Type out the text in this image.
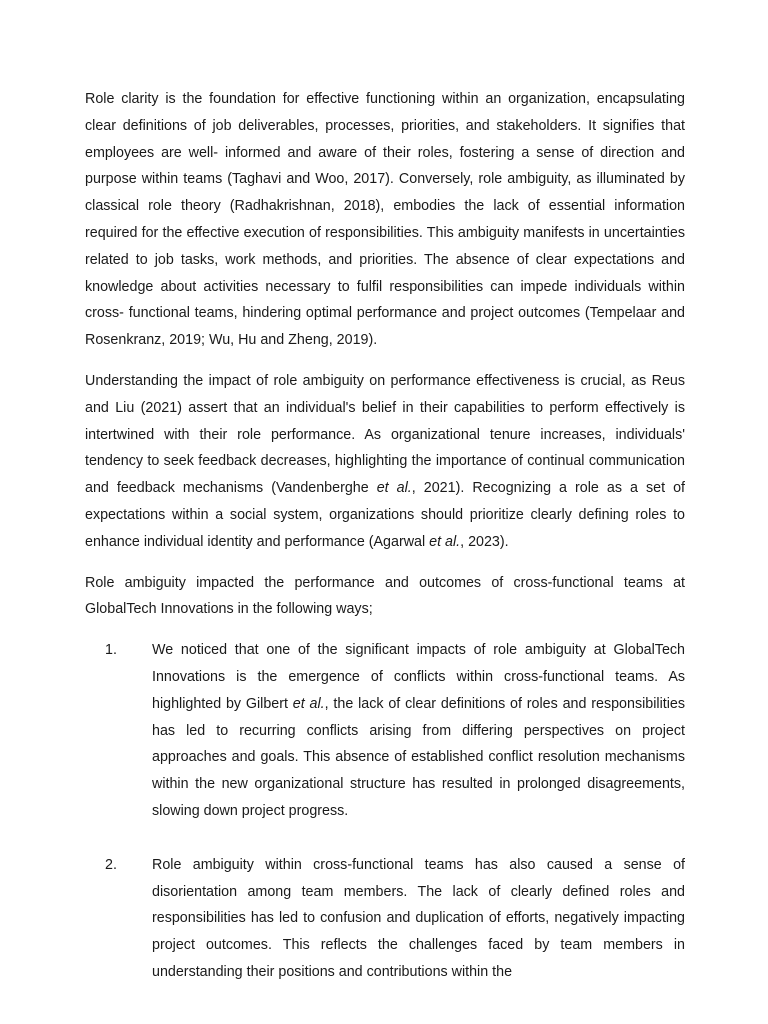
Role clarity is the foundation for effective functioning within an organization, encapsulating clear definitions of job deliverables, processes, priorities, and stakeholders. It signifies that employees are well- informed and aware of their roles, fostering a sense of direction and purpose within teams (Taghavi and Woo, 2017). Conversely, role ambiguity, as illuminated by classical role theory (Radhakrishnan, 2018), embodies the lack of essential information required for the effective execution of responsibilities. This ambiguity manifests in uncertainties related to job tasks, work methods, and priorities. The absence of clear expectations and knowledge about activities necessary to fulfil responsibilities can impede individuals within cross- functional teams, hindering optimal performance and project outcomes (Tempelaar and Rosenkranz, 2019; Wu, Hu and Zheng, 2019).

Understanding the impact of role ambiguity on performance effectiveness is crucial, as Reus and Liu (2021) assert that an individual's belief in their capabilities to perform effectively is intertwined with their role performance. As organizational tenure increases, individuals' tendency to seek feedback decreases, highlighting the importance of continual communication and feedback mechanisms (Vandenberghe et al., 2021). Recognizing a role as a set of expectations within a social system, organizations should prioritize clearly defining roles to enhance individual identity and performance (Agarwal et al., 2023).

Role ambiguity impacted the performance and outcomes of cross-functional teams at GlobalTech Innovations in the following ways;

1. We noticed that one of the significant impacts of role ambiguity at GlobalTech Innovations is the emergence of conflicts within cross-functional teams. As highlighted by Gilbert et al., the lack of clear definitions of roles and responsibilities has led to recurring conflicts arising from differing perspectives on project approaches and goals. This absence of established conflict resolution mechanisms within the new organizational structure has resulted in prolonged disagreements, slowing down project progress.
2. Role ambiguity within cross-functional teams has also caused a sense of disorientation among team members. The lack of clearly defined roles and responsibilities has led to confusion and duplication of efforts, negatively impacting project outcomes. This reflects the challenges faced by team members in understanding their positions and contributions within the
